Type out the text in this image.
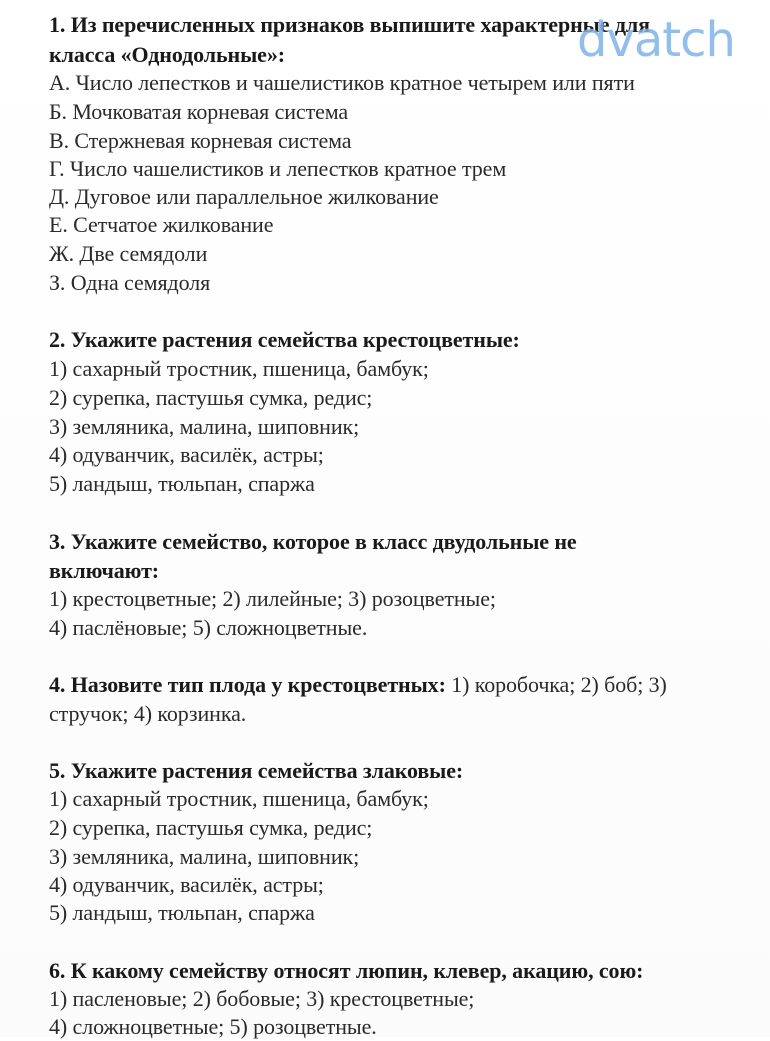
1. Из перечисленных признаков выпишите характерные для
класса «Однодольные»:
А. Число лепестков и чашелистиков кратное четырем или пяти
Б. Мочковатая корневая система
В. Стержневая корневая система
Г. Число чашелистиков и лепестков кратное трем
Д. Дуговое или параллельное жилкование
Е. Сетчатое жилкование
Ж. Две семядоли
З. Одна семядоля
2. Укажите растения семейства крестоцветные:
1) сахарный тростник, пшеница, бамбук;
2) сурепка, пастушья сумка, редис;
3) земляника, малина, шиповник;
4) одуванчик, василёк, астры;
5) ландыш, тюльпан, спаржа
3. Укажите семейство, которое в класс двудольные не
включают:
1) крестоцветные; 2) лилейные; 3) розоцветные;
4) паслёновые; 5) сложноцветные.
4. Назовите тип плода у крестоцветных: 1) коробочка; 2) боб; 3)
стручок; 4) корзинка.
5. Укажите растения семейства злаковые:
1) сахарный тростник, пшеница, бамбук;
2) сурепка, пастушья сумка, редис;
3) земляника, малина, шиповник;
4) одуванчик, василёк, астры;
5) ландыш, тюльпан, спаржа
6. К какому семейству относят люпин, клевер, акацию, сою:
1) пасленовые; 2) бобовые; 3) крестоцветные;
4) сложноцветные; 5) розоцветные.
dvatch
